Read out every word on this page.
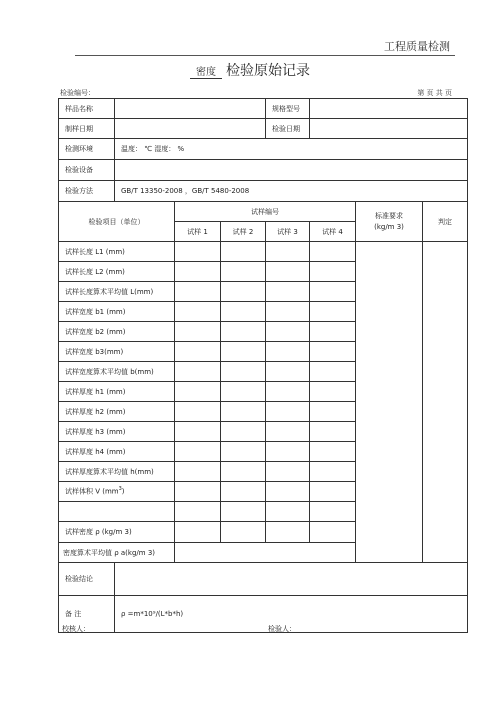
工程质量检测
密度 检验原始记录
检验编号：	第 页 共 页
样品名称				规格型号			
制样日期				检验日期			
检测环境	温度： ℃ 湿度： %						
检验设备							
检验方法	GB/T 13350-2008 ，GB/T 5480-2008						
检验项目（单位）		试样编号				标准要求
(kg/m 3)	判定
		试样 1	试样 2	试样 3	试样 4		
试样长度 L1 (mm)							
试样长度 L2 (mm)							
试样长度算术平均值 L(mm)							
试样宽度 b1 (mm)							
试样宽度 b2 (mm)							
试样宽度 b3(mm)							
试样宽度算术平均值 b(mm)							
试样厚度 h1 (mm)							
试样厚度 h2 (mm)							
试样厚度 h3 (mm)							
试样厚度 h4 (mm)							
试样厚度算术平均值 h(mm)							
试样体积 V $(mm^3)$							

试样密度 ρ (kg/m 3)							
密度算术平均值 ρ a(kg/m 3)							
检验结论							
备 注	ρ =m*10⁹/(L*b*h)						
校核人：	检验人：
